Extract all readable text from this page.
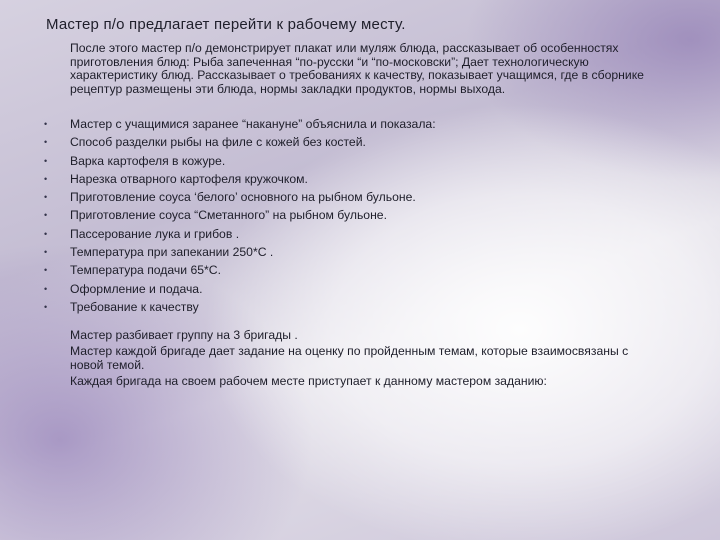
Мастер п/о предлагает перейти к рабочему месту.
После этого мастер п/о демонстрирует плакат или муляж блюда, рассказывает об особенностях приготовления блюд: Рыба запеченная “по-русски “и “по-московски”; Дает технологическую характеристику блюд. Рассказывает о требованиях к качеству, показывает учащимся, где в сборнике рецептур размещены эти блюда, нормы закладки продуктов, нормы выхода.
•	Мастер с учащимися заранее “накануне” объяснила и показала:
•	Способ разделки рыбы на филе с кожей без костей.
•	Варка картофеля в кожуре.
•	Нарезка отварного картофеля кружочком.
•	Приготовление соуса ‘белого’ основного на рыбном бульоне.
•	Приготовление соуса “Сметанного” на рыбном бульоне.
•	Пассерование лука и грибов .
•	Температура при запекании 250*С .
•	Температура подачи 65*С.
•	Оформление и подача.
•	Требование к качеству

Мастер разбивает группу на 3 бригады .

Мастер каждой бригаде дает задание на оценку по пройденным темам, которые взаимосвязаны с новой темой.

Каждая бригада на своем рабочем месте приступает к данному мастером заданию:
